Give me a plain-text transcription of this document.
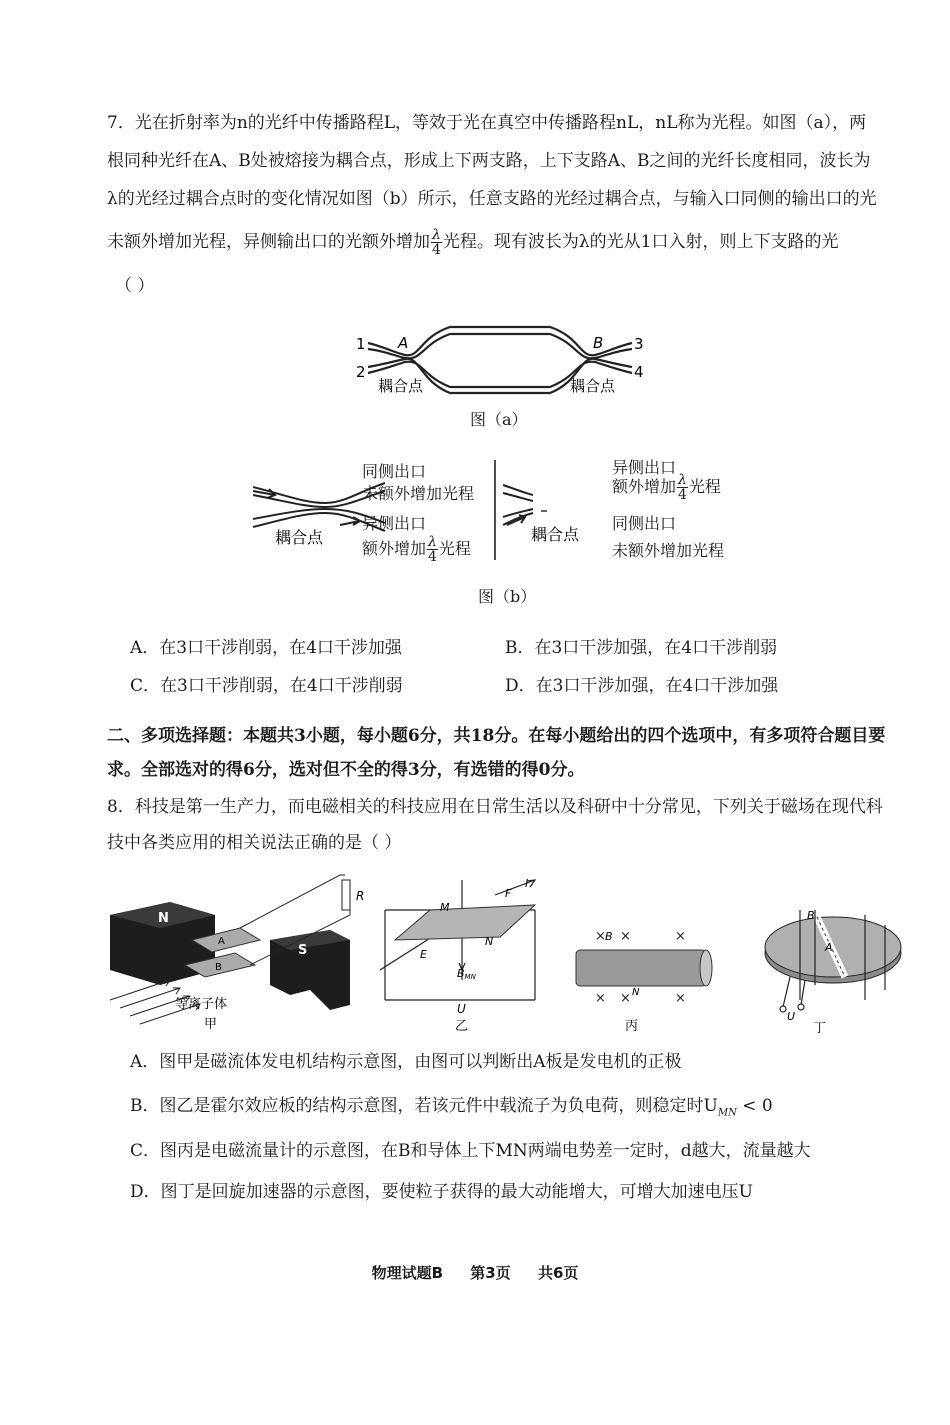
7．光在折射率为n的光纤中传播路程L，等效于光在真空中传播路程nL，nL称为光程。如图（a），两
根同种光纤在A、B处被熔接为耦合点，形成上下两支路，上下支路A、B之间的光纤长度相同，波长为
λ的光经过耦合点时的变化情况如图（b）所示，任意支路的光经过耦合点，与输入口同侧的输出口的光
未额外增加光程，异侧输出口的光额外增加 $\frac{\lambda}{4}$ 光程。现有波长为λ的光从1口入射，则上下支路的光
（ ）
1
2
3
4
A	B
耦合点	耦合点
图（a）
耦合点	耦合点
同侧出口
未额外增加光程
异侧出口
额外增加 $\frac{\lambda}{4}$ 光程
异侧出口
额外增加 $\frac{\lambda}{4}$ 光程
同侧出口
未额外增加光程
图（b）
A．在3口干涉削弱，在4口干涉加强	B．在3口干涉加强，在4口干涉削弱
C．在3口干涉削弱，在4口干涉削弱	D．在3口干涉加强，在4口干涉加强
二、多项选择题：本题共3小题，每小题6分，共18分。在每小题给出的四个选项中，有多项符合题目要
求。全部选对的得6分，选对但不全的得3分，有选错的得0分。
8．科技是第一生产力，而电磁相关的科技应用在日常生活以及科研中十分常见，下列关于磁场在现代科
技中各类应用的相关说法正确的是（ ）
N
S
A
B
R
等离子体
甲
M
N
E
F
I
BMN
U
乙
× ×	×
× ×	×
B
N
丙
B
A
U
丁
A．图甲是磁流体发电机结构示意图，由图可以判断出A板是发电机的正极
B．图乙是霍尔效应板的结构示意图，若该元件中载流子为负电荷，则稳定时$U_{MN} < 0$
C．图丙是电磁流量计的示意图，在B和导体上下MN两端电势差一定时，d越大，流量越大
D．图丁是回旋加速器的示意图，要使粒子获得的最大动能增大，可增大加速电压U
物理试题B 第3页 共6页
